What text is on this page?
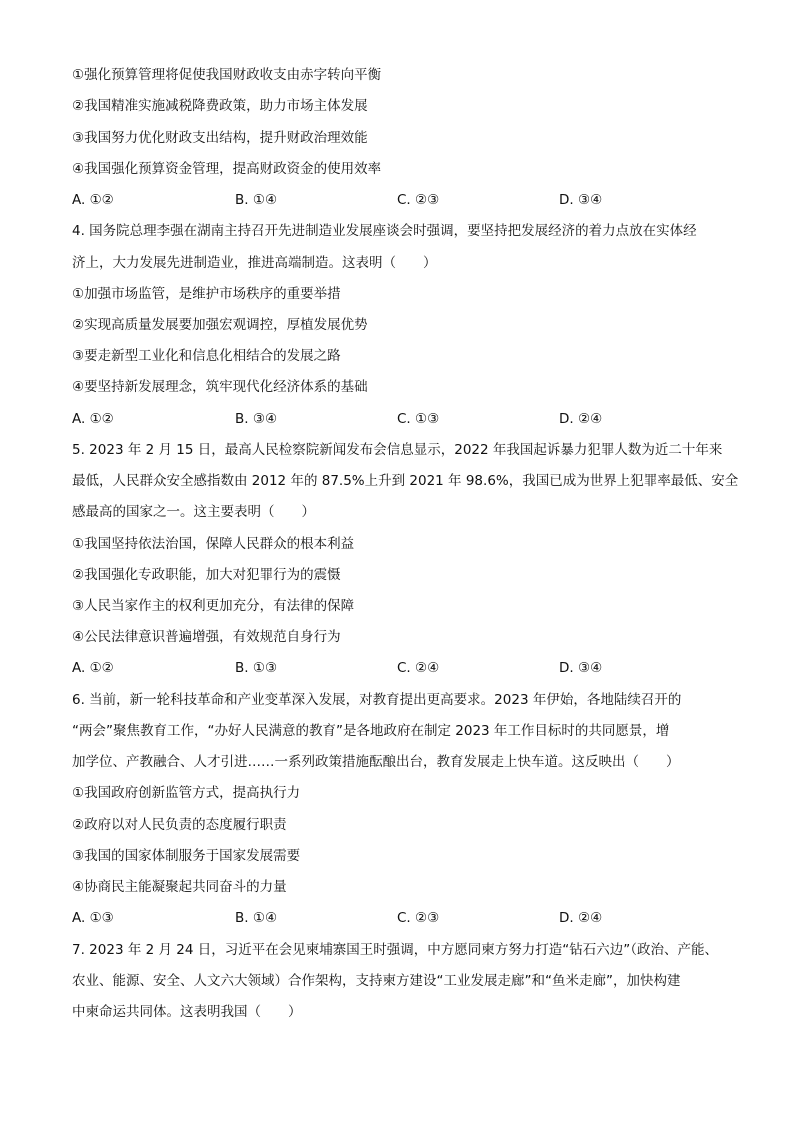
①强化预算管理将促使我国财政收支由赤字转向平衡
②我国精准实施减税降费政策，助力市场主体发展
③我国努力优化财政支出结构，提升财政治理效能
④我国强化预算资金管理，提高财政资金的使用效率
A. ①②	B. ①④	C. ②③	D. ③④
4. 国务院总理李强在湖南主持召开先进制造业发展座谈会时强调，要坚持把发展经济的着力点放在实体经
济上，大力发展先进制造业，推进高端制造。这表明（　　）
①加强市场监管，是维护市场秩序的重要举措
②实现高质量发展要加强宏观调控，厚植发展优势
③要走新型工业化和信息化相结合的发展之路
④要坚持新发展理念，筑牢现代化经济体系的基础
A. ①②	B. ③④	C. ①③	D. ②④
5. 2023 年 2 月 15 日，最高人民检察院新闻发布会信息显示，2022 年我国起诉暴力犯罪人数为近二十年来
最低，人民群众安全感指数由 2012 年的 87.5%上升到 2021 年 98.6%，我国已成为世界上犯罪率最低、安全
感最高的国家之一。这主要表明（　　）
①我国坚持依法治国，保障人民群众的根本利益
②我国强化专政职能，加大对犯罪行为的震慑
③人民当家作主的权利更加充分，有法律的保障
④公民法律意识普遍增强，有效规范自身行为
A. ①②	B. ①③	C. ②④	D. ③④
6. 当前，新一轮科技革命和产业变革深入发展，对教育提出更高要求。2023 年伊始，各地陆续召开的
“两会”聚焦教育工作，“办好人民满意的教育”是各地政府在制定 2023 年工作目标时的共同愿景，增
加学位、产教融合、人才引进……一系列政策措施酝酿出台，教育发展走上快车道。这反映出（　　）
①我国政府创新监管方式，提高执行力
②政府以对人民负责的态度履行职责
③我国的国家体制服务于国家发展需要
④协商民主能凝聚起共同奋斗的力量
A. ①③	B. ①④	C. ②③	D. ②④
7. 2023 年 2 月 24 日，习近平在会见柬埔寨国王时强调，中方愿同柬方努力打造“钻石六边”（政治、产能、
农业、能源、安全、人文六大领域）合作架构，支持柬方建设“工业发展走廊”和“鱼米走廊”，加快构建
中柬命运共同体。这表明我国（　　）
